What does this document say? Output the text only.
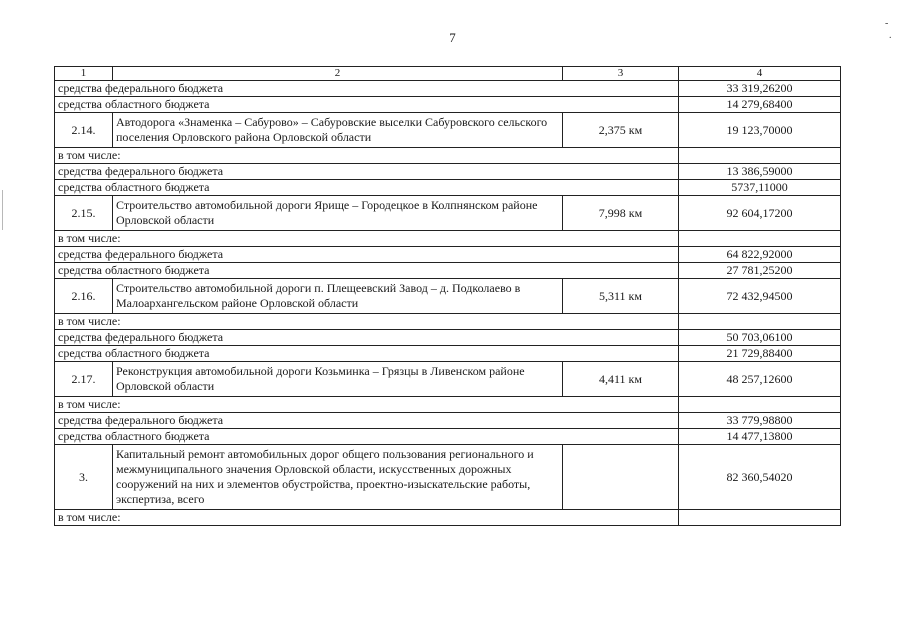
7
-
.
1	2	3	4
средства федерального бюджета			33 319,26200
средства областного бюджета			14 279,68400
2.14.	Автодорога «Знаменка – Сабурово» – Сабуровские выселки Сабуровского сельского поселения Орловского района Орловской области	2,375 км	19 123,70000
в том числе:			
средства федерального бюджета			13 386,59000
средства областного бюджета			5737,11000
2.15.	Строительство автомобильной дороги Ярище – Городецкое в Колпнянском районе Орловской области	7,998 км	92 604,17200
в том числе:			
средства федерального бюджета			64 822,92000
средства областного бюджета			27 781,25200
2.16.	Строительство автомобильной дороги п. Плещеевский Завод – д. Подколаево в Малоархангельском районе Орловской области	5,311 км	72 432,94500
в том числе:			
средства федерального бюджета			50 703,06100
средства областного бюджета			21 729,88400
2.17.	Реконструкция автомобильной дороги Козьминка – Грязцы в Ливенском районе Орловской области	4,411 км	48 257,12600
в том числе:			
средства федерального бюджета			33 779,98800
средства областного бюджета			14 477,13800
3.	Капитальный ремонт автомобильных дорог общего пользования регионального и межмуниципального значения Орловской области, искусственных дорожных сооружений на них и элементов обустройства, проектно-изыскательские работы, экспертиза, всего		82 360,54020
в том числе:			
